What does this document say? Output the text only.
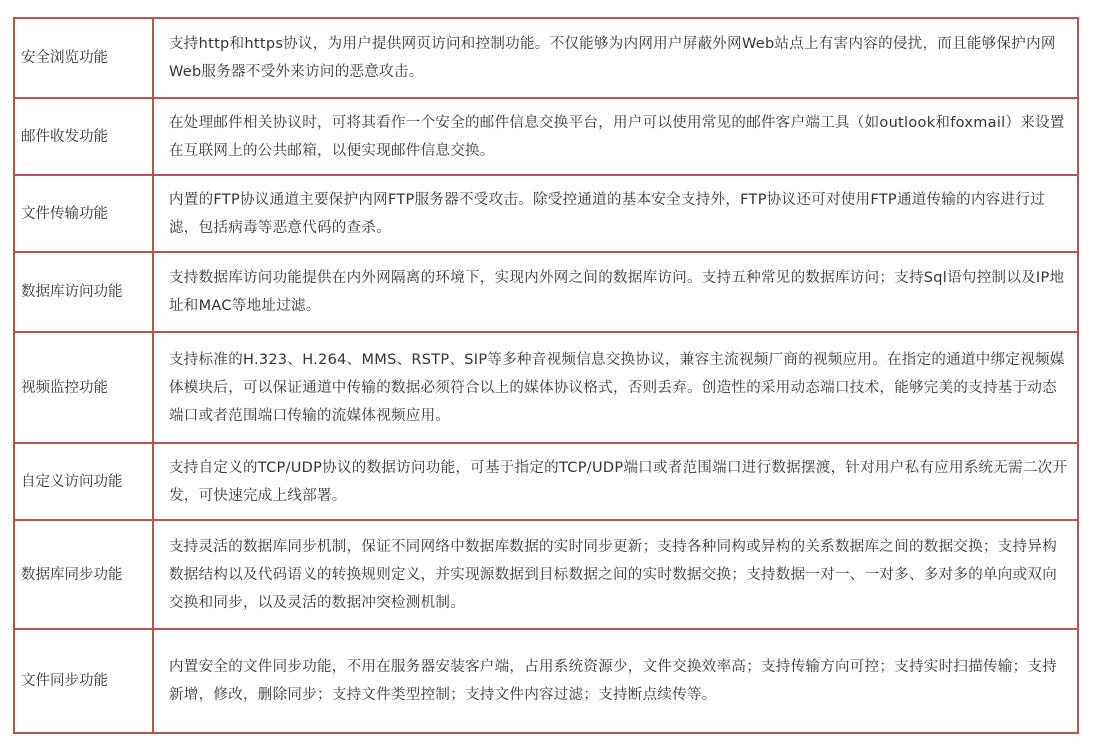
安全浏览功能	支持http和https协议，为用户提供网页访问和控制功能。不仅能够为内网用户屏蔽外网Web站点上有害内容的侵扰，而且能够保护内网Web服务器不受外来访问的恶意攻击。
邮件收发功能	在处理邮件相关协议时，可将其看作一个安全的邮件信息交换平台，用户可以使用常见的邮件客户端工具（如outlook和foxmail）来设置在互联网上的公共邮箱，以便实现邮件信息交换。
文件传输功能	内置的FTP协议通道主要保护内网FTP服务器不受攻击。除受控通道的基本安全支持外，FTP协议还可对使用FTP通道传输的内容进行过滤，包括病毒等恶意代码的查杀。
数据库访问功能	支持数据库访问功能提供在内外网隔离的环境下，实现内外网之间的数据库访问。支持五种常见的数据库访问；支持Sql语句控制以及IP地址和MAC等地址过滤。
视频监控功能	支持标准的H.323、H.264、MMS、RSTP、SIP等多种音视频信息交换协议，兼容主流视频厂商的视频应用。在指定的通道中绑定视频媒体模块后，可以保证通道中传输的数据必须符合以上的媒体协议格式，否则丢弃。创造性的采用动态端口技术，能够完美的支持基于动态端口或者范围端口传输的流媒体视频应用。
自定义访问功能	支持自定义的TCP/UDP协议的数据访问功能，可基于指定的TCP/UDP端口或者范围端口进行数据摆渡，针对用户私有应用系统无需二次开发，可快速完成上线部署。
数据库同步功能	支持灵活的数据库同步机制，保证不同网络中数据库数据的实时同步更新；支持各种同构或异构的关系数据库之间的数据交换；支持异构数据结构以及代码语义的转换规则定义，并实现源数据到目标数据之间的实时数据交换；支持数据一对一、一对多、多对多的单向或双向交换和同步，以及灵活的数据冲突检测机制。
文件同步功能	内置安全的文件同步功能，不用在服务器安装客户端，占用系统资源少，文件交换效率高；支持传输方向可控；支持实时扫描传输；支持新增，修改，删除同步；支持文件类型控制；支持文件内容过滤；支持断点续传等。
